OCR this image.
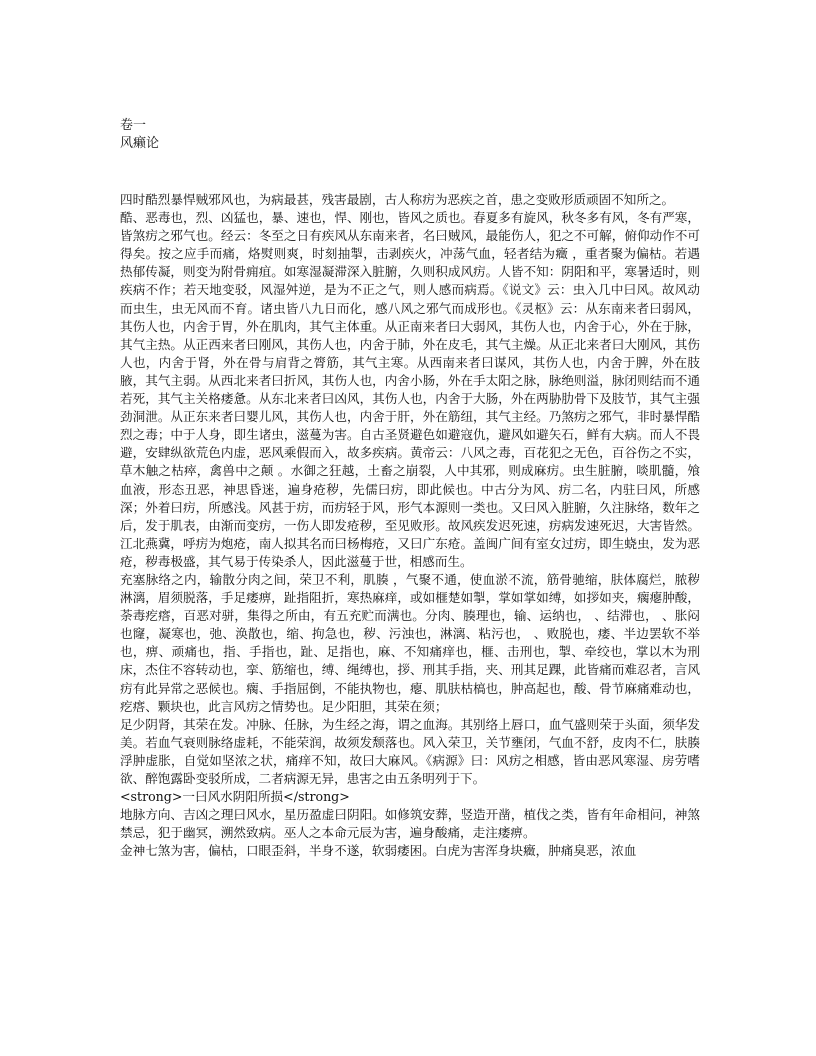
卷一
风癞论

四时酷烈暴悍贼邪风也，为病最甚，残害最剧，古人称疠为恶疾之首，患之变败形质顽固不知所之。

酷、恶毒也，烈、凶猛也，暴、速也，悍、刚也，皆风之质也。春夏多有旋风，秋冬多有风，冬有严寒，皆煞疠之邪气也。经云：冬至之日有疾风从东南来者，名曰贼风，最能伤人，犯之不可解，俯仰动作不可得矣。按之应手而痛，烙熨则爽，时刻抽掣，击剥疾火，冲荡气血，轻者结为癥 ，重者聚为偏枯。若遇热郁传凝，则变为附骨痈疽。如寒湿凝滞深入脏腑，久则积成风疠。人皆不知：阴阳和平，寒暑适时，则疾病不作；若天地变驳，风湿舛逆，是为不正之气，则人感而病焉。《说文》云：虫入几中曰风。故风动而虫生，虫无风而不育。诸虫皆八九日而化，感八风之邪气而成形也。《灵枢》云：从东南来者曰弱风，其伤人也，内舍于胃，外在肌肉，其气主体重。从正南来者曰大弱风，其伤人也，内舍于心，外在于脉，其气主热。从正西来者曰刚风，其伤人也，内舍于肺，外在皮毛，其气主燥。从正北来者曰大刚风，其伤人也，内舍于肾，外在骨与肩背之膂筋，其气主寒。从西南来者曰谋风，其伤人也，内舍于脾，外在肢腋，其气主弱。从西北来者曰折风，其伤人也，内舍小肠，外在手太阳之脉，脉绝则溢，脉闭则结而不通若死，其气主关格痿惫。从东北来者曰凶风，其伤人也，内舍于大肠，外在两胁肋骨下及肢节，其气主强劲洞泄。从正东来者曰婴儿风，其伤人也，内舍于肝，外在筋纽，其气主经。乃煞疠之邪气，非时暴悍酷烈之毒；中于人身，即生诸虫，滋蔓为害。自古圣贤避色如避寇仇，避风如避矢石，鲜有大病。而人不畏避，安肆纵欲荒色内虚，恶风乘假而入，故多疾病。黄帝云：八风之毒，百花犯之无色，百谷伤之不实，草木触之枯瘁，禽兽中之颠 。水御之狂越，土畜之崩裂，人中其邪，则成麻疠。虫生脏腑，啖肌髓，飧血液，形态丑恶，神思昏迷，遍身疮秽，先儒曰疠，即此候也。中古分为风、疠二名，内驻曰风，所感深；外着曰疠，所感浅。风甚于疠，而疠轻于风，形气本源则一类也。又曰风入脏腑，久注脉络，数年之后，发于肌表，由渐而变疠，一伤人即发疮秽，至见败形。故风疾发迟死速，疠病发速死迟，大害皆然。江北燕冀，呼疠为炮疮，南人拟其名而曰杨梅疮，又曰广东疮。盖闽广间有室女过疠，即生蛲虫，发为恶疮，秽毒极盛，其气易于传染杀人，因此滋蔓于世，相感而生。

充塞脉络之内，输散分肉之间，荣卫不利，肌腠 ，气聚不通，使血淤不流，筋骨驰缩，肤体腐烂，脓秽淋漓，眉须脱落，手足痿痹，趾指阻折，寒热麻痒，或如榧楚如掣，掌如掌如缚，如拶如夹，瘸瘪肿酸，荼毒疙瘩，百恶对骈，集得之所由，有五充贮而满也。分肉、腠理也，输、运纳也， 、结滞也， 、胀闷也窿，凝寒也，弛、涣散也，缩、拘急也，秽、污浊也，淋漓、粘污也， 、败脱也，痿、半边罢软不举也，痹、顽痛也，指、手指也，趾、足指也，麻、不知痛痒也，榧、击刑也，掣、牵绞也，掌以木为刑床，杰住不容转动也，挛、筋缩也，缚、绳缚也，拶、刑其手指，夹、刑其足踝，此皆痛而难忍者，言风疠有此异常之恶候也。瘸、手指屈倒，不能执物也，瘪、肌肤枯槁也，肿高起也，酸、骨节麻痛难动也，疙瘩、颗块也，此言风疠之情势也。足少阳胆，其荣在须；

足少阴肾，其荣在发。冲脉、任脉，为生经之海，谓之血海。其别络上唇口，血气盛则荣于头面，须华发美。若血气衰则脉络虚耗，不能荣润，故须发颓落也。风入荣卫，关节壅闭，气血不舒，皮肉不仁，肤腠浮肿虚胀，自觉如坚浓之状，痛痒不知，故曰大麻风。《病源》曰：风疠之相感，皆由恶风寒湿、房劳嗜欲、醉饱露卧变驳所成，二者病源无异，患害之由五条明列于下。

<strong>一曰风水阴阳所损</strong>

地脉方向、吉凶之理曰风水，星历盈虚曰阴阳。如修筑安葬，竖造开凿，植伐之类，皆有年命相问，神煞禁忌，犯于幽冥，溯然致病。巫人之本命元辰为害，遍身酸痛，走注痿痹。

金神七煞为害，偏枯，口眼歪斜，半身不遂，软弱痿困。白虎为害浑身块癥，肿痛臭恶，浓血
